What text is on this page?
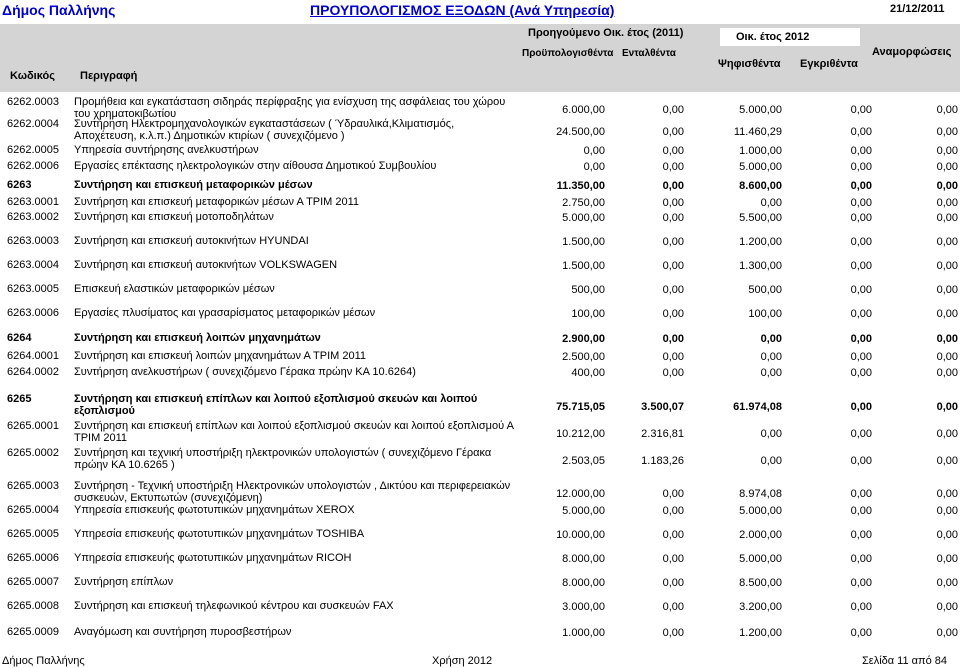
Δήμος Παλλήνης	ΠΡΟΥΠΟΛΟΓΙΣΜΟΣ ΕΞΟΔΩΝ (Ανά Υπηρεσία)	21/12/2011
Προηγούμενο Οικ. έτος (2011)	Οικ. έτος 2012
Κωδικός Περιγραφή
Προϋπολογισθέντα Ενταλθέντα
Ψηφισθέντα Εγκριθέντα
Αναμορφώσεις
6262.0003 Προμήθεια και εγκατάσταση σιδηράς περίφραξης για ενίσχυση της ασφάλειας του χώρου του χρηματοκιβωτίου	6.000,00	0,00	5.000,00	0,00	0,00
6262.0004 Συντήρηση Ηλεκτρομηχανολογικών εγκαταστάσεων ( Ύδραυλικά,Κλιματισμός, Αποχέτευση, κ.λ.π.) Δημοτικών κτιρίων ( συνεχιζόμενο )	24.500,00	0,00	11.460,29	0,00	0,00
6262.0005 Υπηρεσία συντήρησης ανελκυστήρων	0,00	0,00	1.000,00	0,00	0,00
6262.0006 Εργασίες επέκτασης ηλεκτρολογικών στην αίθουσα Δημοτικού Συμβουλίου	0,00	0,00	5.000,00	0,00	0,00
6263	Συντήρηση και επισκευή μεταφορικών μέσων	11.350,00	0,00	8.600,00	0,00	0,00
6263.0001 Συντήρηση και επισκευή μεταφορικών μέσων Α ΤΡΙΜ 2011	2.750,00	0,00	0,00	0,00	0,00
6263.0002 Συντήρηση και επισκευή μοτοποδηλάτων	5.000,00	0,00	5.500,00	0,00	0,00
6263.0003 Συντήρηση και επισκευή αυτοκινήτων HYUNDAI	1.500,00	0,00	1.200,00	0,00	0,00
6263.0004 Συντήρηση και επισκευή αυτοκινήτων VOLKSWAGEN	1.500,00	0,00	1.300,00	0,00	0,00
6263.0005 Επισκευή ελαστικών μεταφορικών μέσων	500,00	0,00	500,00	0,00	0,00
6263.0006 Εργασίες πλυσίματος και γρασαρίσματος μεταφορικών μέσων	100,00	0,00	100,00	0,00	0,00
6264	Συντήρηση και επισκευή λοιπών μηχανημάτων	2.900,00	0,00	0,00	0,00	0,00
6264.0001 Συντήρηση και επισκευή λοιπών μηχανημάτων Α ΤΡΙΜ 2011	2.500,00	0,00	0,00	0,00	0,00
6264.0002 Συντήρηση ανελκυστήρων ( συνεχιζόμενο Γέρακα πρώην ΚΑ 10.6264)	400,00	0,00	0,00	0,00	0,00
6265	Συντήρηση και επισκευή επίπλων και λοιπού εξοπλισμού σκευών και λοιπού εξοπλισμού	75.715,05	3.500,07	61.974,08	0,00	0,00
6265.0001 Συντήρηση και επισκευή επίπλων και λοιπού εξοπλισμού σκευών και λοιπού εξοπλισμού Α ΤΡΙΜ 2011	10.212,00	2.316,81	0,00	0,00	0,00
6265.0002 Συντήρηση και τεχνική υποστήριξη ηλεκτρονικών υπολογιστών ( συνεχιζόμενο Γέρακα πρώην ΚΑ 10.6265 )	2.503,05	1.183,26	0,00	0,00	0,00
6265.0003 Συντήρηση - Τεχνική υποστήριξη Ηλεκτρονικών υπολογιστών , Δικτύου και περιφερειακών συσκευών, Εκτυπωτών (συνεχιζόμενη)	12.000,00	0,00	8.974,08	0,00	0,00
6265.0004 Υπηρεσία επισκευής φωτοτυπικών μηχανημάτων XEROX	5.000,00	0,00	5.000,00	0,00	0,00
6265.0005 Υπηρεσία επισκευής φωτοτυπικών μηχανημάτων TOSHIBA	10.000,00	0,00	2.000,00	0,00	0,00
6265.0006 Υπηρεσία επισκευής φωτοτυπικών μηχανημάτων RICOH	8.000,00	0,00	5.000,00	0,00	0,00
6265.0007 Συντήρηση επίπλων	8.000,00	0,00	8.500,00	0,00	0,00
6265.0008 Συντήρηση και επισκευή τηλεφωνικού κέντρου και συσκευών FAX	3.000,00	0,00	3.200,00	0,00	0,00
6265.0009 Αναγόμωση και συντήρηση πυροσβεστήρων	1.000,00	0,00	1.200,00	0,00	0,00
Δήμος Παλλήνης	Χρήση 2012	Σελίδα 11 από 84
